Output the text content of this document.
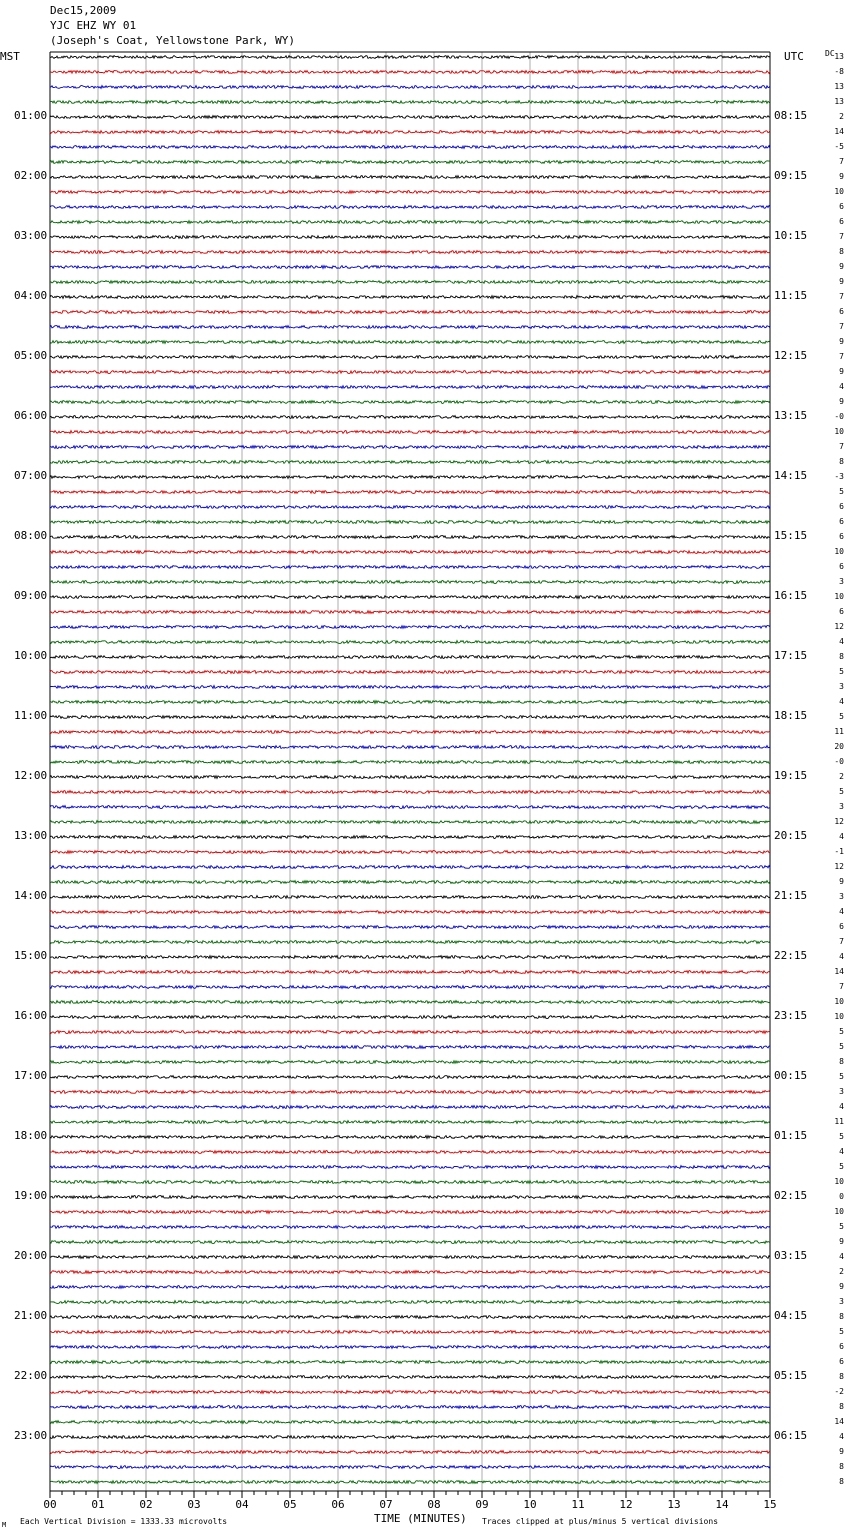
Dec15,2009
YJC EHZ WY 01
(Joseph's Coat, Yellowstone Park, WY)
MST	UTC	DC
00	01	02	03	04	05	06	07	08	09	10	11	12	13	14	15
01:00
02:00
03:00
04:00
05:00
06:00
07:00
08:00
09:00
10:00
11:00
12:00
13:00
14:00
15:00
16:00
17:00
18:00
19:00
20:00
21:00
22:00
23:00
08:15
09:15
10:15
11:15
12:15
13:15
14:15
15:15
16:15
17:15
18:15
19:15
20:15
21:15
22:15
23:15
00:15
01:15
02:15
03:15
04:15
05:15
06:15
13
-8
13
13
2
14
-5
7
9
10
6
6
7
8
9
9
7
6
7
9
7
9
4
9
-0
10
7
8
-3
5
6
6
6
10
6
3
10
6
12
4
8
5
3
4
5
11
20
-0
2
5
3
12
4
-1
12
9
3
4
6
7
4
14
7
10
10
5
5
8
5
3
4
11
5
4
5
10
0
10
5
9
4
2
9
3
8
5
6
6
8
-2
8
14
4
9
8
8
M Each Vertical Division = 1333.33 microvolts	TIME (MINUTES) Traces clipped at plus/minus 5 vertical divisions
